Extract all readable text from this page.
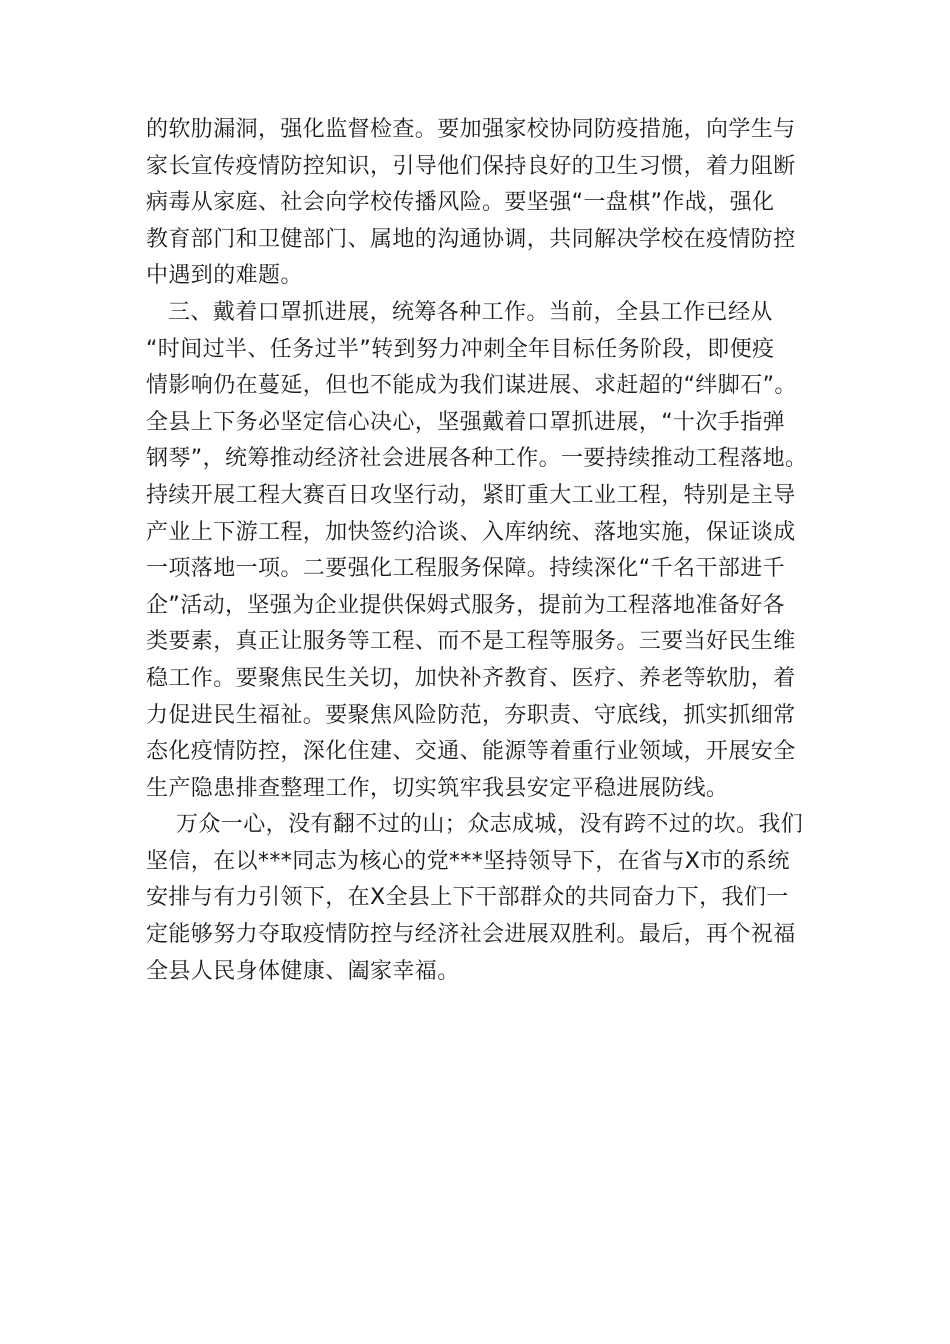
的软肋漏洞，强化监督检查。要加强家校协同防疫措施，向学生与
家长宣传疫情防控知识，引导他们保持良好的卫生习惯，着力阻断
病毒从家庭、社会向学校传播风险。要坚强“一盘棋”作战，强化
教育部门和卫健部门、属地的沟通协调，共同解决学校在疫情防控
中遇到的难题。
三、戴着口罩抓进展，统筹各种工作。当前，全县工作已经从
“时间过半、任务过半”转到努力冲刺全年目标任务阶段，即便疫
情影响仍在蔓延，但也不能成为我们谋进展、求赶超的“绊脚石”。
全县上下务必坚定信心决心，坚强戴着口罩抓进展，“十次手指弹
钢琴”，统筹推动经济社会进展各种工作。一要持续推动工程落地。
持续开展工程大赛百日攻坚行动，紧盯重大工业工程，特别是主导
产业上下游工程，加快签约洽谈、入库纳统、落地实施，保证谈成
一项落地一项。二要强化工程服务保障。持续深化“千名干部进千
企”活动，坚强为企业提供保姆式服务，提前为工程落地准备好各
类要素，真正让服务等工程、而不是工程等服务。三要当好民生维
稳工作。要聚焦民生关切，加快补齐教育、医疗、养老等软肋，着
力促进民生福祉。要聚焦风险防范，夯职责、守底线，抓实抓细常
态化疫情防控，深化住建、交通、能源等着重行业领域，开展安全
生产隐患排查整理工作，切实筑牢我县安定平稳进展防线。
万众一心，没有翻不过的山；众志成城，没有跨不过的坎。我们
坚信，在以***同志为核心的党***坚持领导下，在省与X市的系统
安排与有力引领下，在X全县上下干部群众的共同奋力下，我们一
定能够努力夺取疫情防控与经济社会进展双胜利。最后，再个祝福
全县人民身体健康、阖家幸福。
